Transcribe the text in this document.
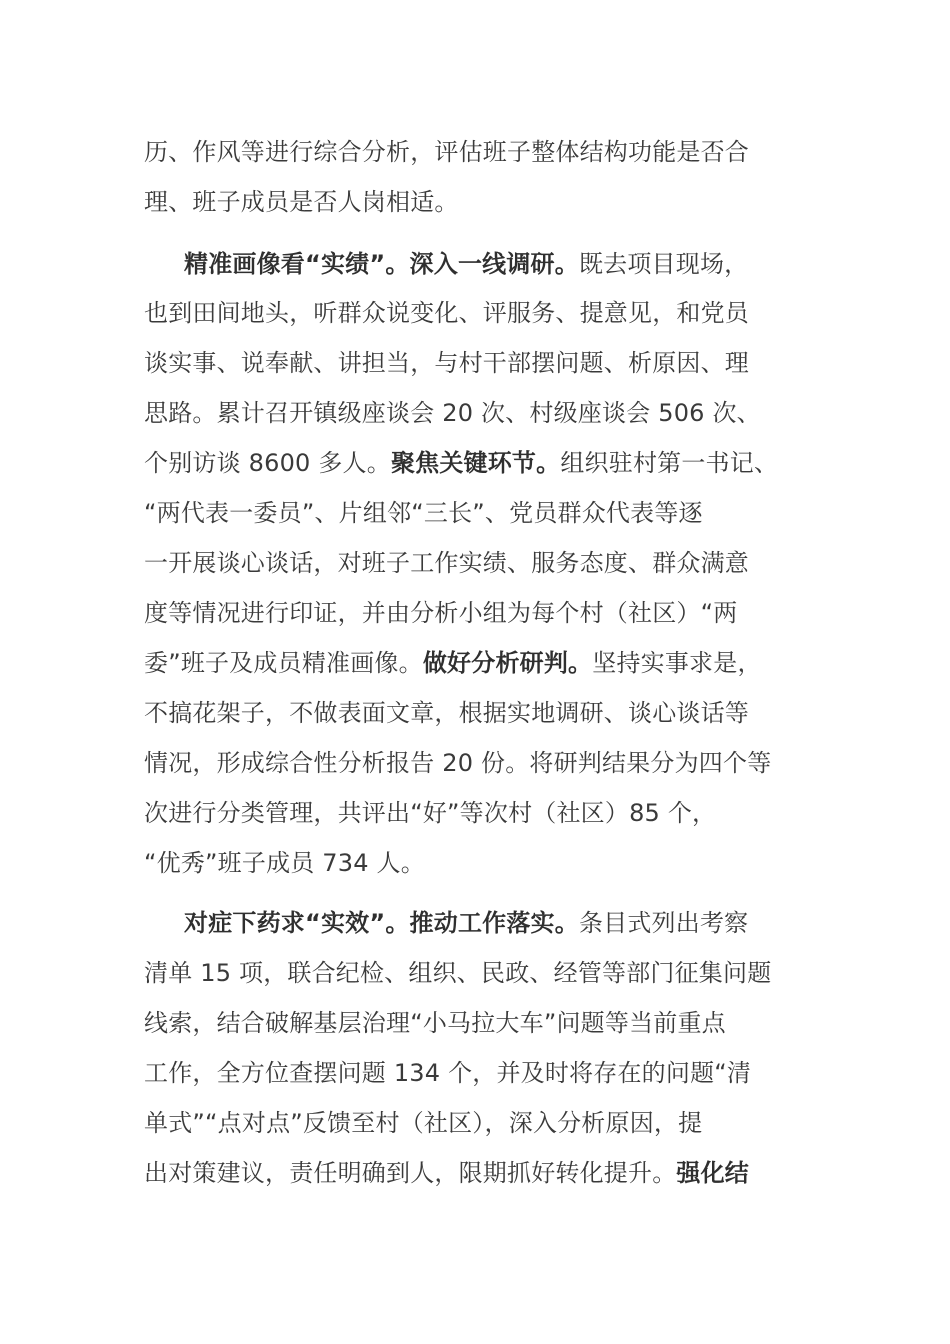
历、作风等进行综合分析，评估班子整体结构功能是否合
理、班子成员是否人岗相适。
精准画像看“实绩”。深入一线调研。既去项目现场，
也到田间地头，听群众说变化、评服务、提意见，和党员
谈实事、说奉献、讲担当，与村干部摆问题、析原因、理
思路。累计召开镇级座谈会 20 次、村级座谈会 506 次、
个别访谈 8600 多人。聚焦关键环节。组织驻村第一书记、
“两代表一委员”、片组邻“三长”、党员群众代表等逐
一开展谈心谈话，对班子工作实绩、服务态度、群众满意
度等情况进行印证，并由分析小组为每个村（社区）“两
委”班子及成员精准画像。做好分析研判。坚持实事求是，
不搞花架子，不做表面文章，根据实地调研、谈心谈话等
情况，形成综合性分析报告 20 份。将研判结果分为四个等
次进行分类管理，共评出“好”等次村（社区）85 个，
“优秀”班子成员 734 人。
对症下药求“实效”。推动工作落实。条目式列出考察
清单 15 项，联合纪检、组织、民政、经管等部门征集问题
线索，结合破解基层治理“小马拉大车”问题等当前重点
工作，全方位查摆问题 134 个，并及时将存在的问题“清
单式”“点对点”反馈至村（社区），深入分析原因，提
出对策建议，责任明确到人，限期抓好转化提升。强化结
